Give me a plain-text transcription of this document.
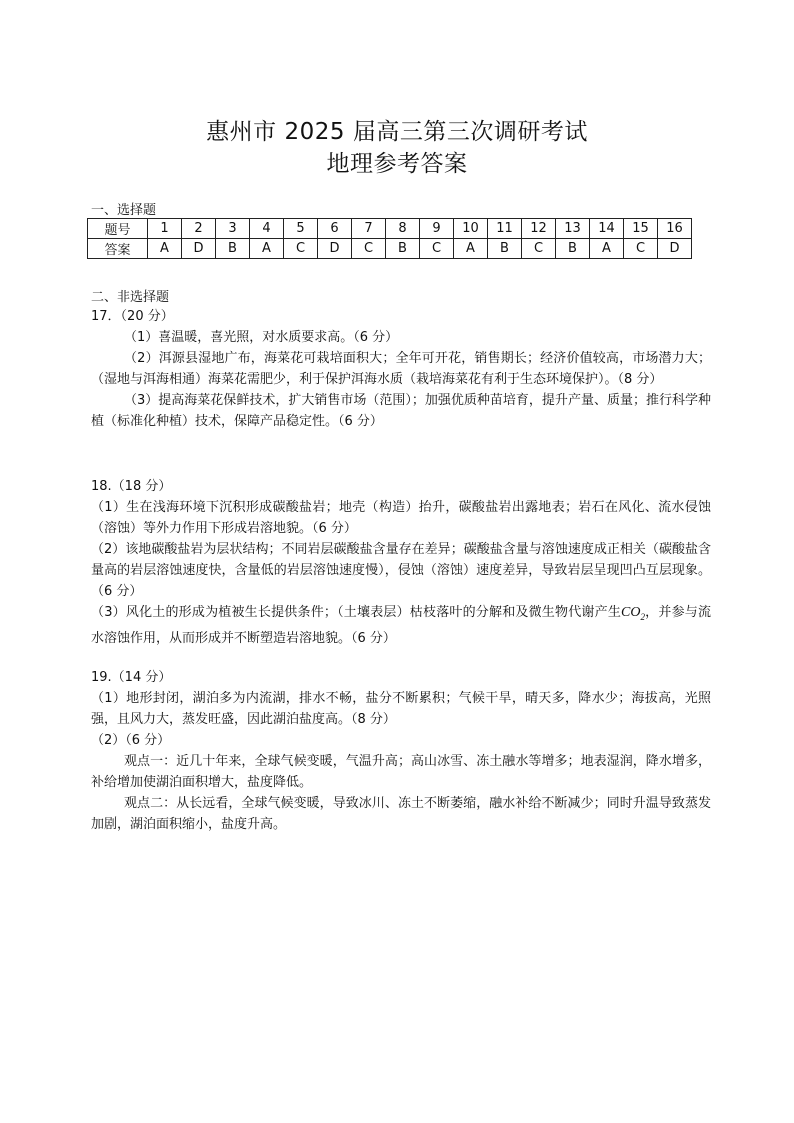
惠州市 2025 届高三第三次调研考试
地理参考答案
一、选择题
题号	1	2	3	4	5	6	7	8	9	10	11	12	13	14	15	16
答案	A	D	B	A	C	D	C	B	C	A	B	C	B	A	C	D
二、非选择题

17．（20 分）

（1）喜温暖，喜光照，对水质要求高。（6 分）

（2）洱源县湿地广布，海菜花可栽培面积大；全年可开花，销售期长；经济价值较高，市场潜力大；（湿地与洱海相通）海菜花需肥少，利于保护洱海水质（栽培海菜花有利于生态环境保护）。（8 分）

（3）提高海菜花保鲜技术，扩大销售市场（范围）；加强优质种苗培育，提升产量、质量；推行科学种植（标准化种植）技术，保障产品稳定性。（6 分）

18.（18 分）

（1）生在浅海环境下沉积形成碳酸盐岩；地壳（构造）抬升，碳酸盐岩出露地表；岩石在风化、流水侵蚀（溶蚀）等外力作用下形成岩溶地貌。（6 分）

（2）该地碳酸盐岩为层状结构；不同岩层碳酸盐含量存在差异；碳酸盐含量与溶蚀速度成正相关（碳酸盐含量高的岩层溶蚀速度快，含量低的岩层溶蚀速度慢），侵蚀（溶蚀）速度差异，导致岩层呈现凹凸互层现象。（6 分）

（3）风化土的形成为植被生长提供条件；（土壤表层）枯枝落叶的分解和及微生物代谢产生$CO_2$，并参与流水溶蚀作用，从而形成并不断塑造岩溶地貌。（6 分）

19.（14 分）

（1）地形封闭，湖泊多为内流湖，排水不畅，盐分不断累积；气候干旱，晴天多，降水少；海拔高，光照强，且风力大，蒸发旺盛，因此湖泊盐度高。（8 分）

（2）（6 分）

观点一：近几十年来，全球气候变暖，气温升高；高山冰雪、冻土融水等增多；地表湿润，降水增多，补给增加使湖泊面积增大，盐度降低。

观点二：从长远看，全球气候变暖，导致冰川、冻土不断萎缩，融水补给不断减少；同时升温导致蒸发加剧，湖泊面积缩小，盐度升高。
